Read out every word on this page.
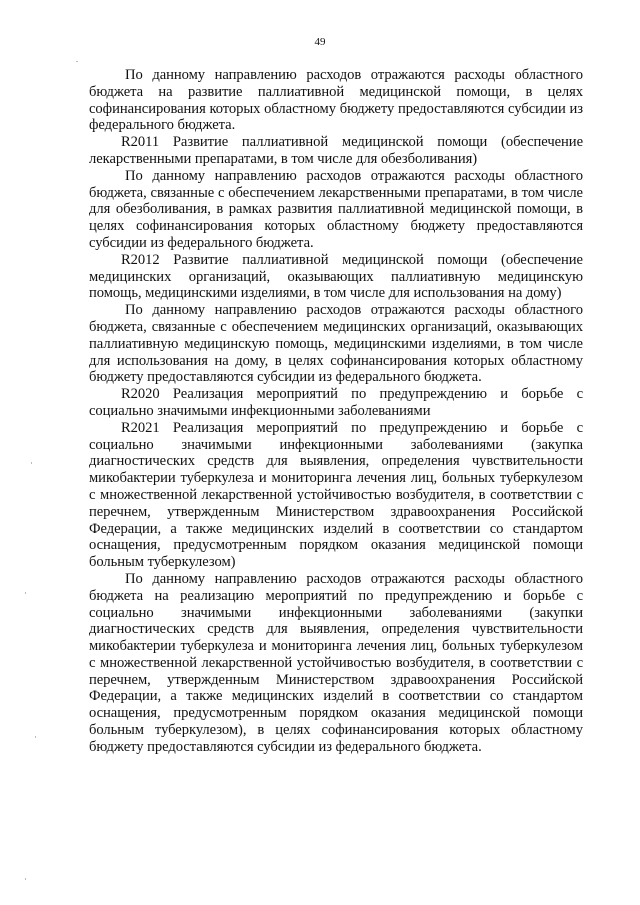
49

По данному направлению расходов отражаются расходы областного бюджета на развитие паллиативной медицинской помощи, в целях софинансирования которых областному бюджету предоставляются субсидии из федерального бюджета.

R2011 Развитие паллиативной медицинской помощи (обеспечение лекарственными препаратами, в том числе для обезболивания)

По данному направлению расходов отражаются расходы областного бюджета, связанные с обеспечением лекарственными препаратами, в том числе для обезболивания, в рамках развития паллиативной медицинской помощи, в целях софинансирования которых областному бюджету предоставляются субсидии из федерального бюджета.

R2012 Развитие паллиативной медицинской помощи (обеспечение медицинских организаций, оказывающих паллиативную медицинскую помощь, медицинскими изделиями, в том числе для использования на дому)

По данному направлению расходов отражаются расходы областного бюджета, связанные с обеспечением медицинских организаций, оказывающих паллиативную медицинскую помощь, медицинскими изделиями, в том числе для использования на дому, в целях софинансирования которых областному бюджету предоставляются субсидии из федерального бюджета.

R2020 Реализация мероприятий по предупреждению и борьбе с социально значимыми инфекционными заболеваниями

R2021 Реализация мероприятий по предупреждению и борьбе с социально значимыми инфекционными заболеваниями (закупка диагностических средств для выявления, определения чувствительности микобактерии туберкулеза и мониторинга лечения лиц, больных туберкулезом с множественной лекарственной устойчивостью возбудителя, в соответствии с перечнем, утвержденным Министерством здравоохранения Российской Федерации, а также медицинских изделий в соответствии со стандартом оснащения, предусмотренным порядком оказания медицинской помощи больным туберкулезом)

По данному направлению расходов отражаются расходы областного бюджета на реализацию мероприятий по предупреждению и борьбе с социально значимыми инфекционными заболеваниями (закупки диагностических средств для выявления, определения чувствительности микобактерии туберкулеза и мониторинга лечения лиц, больных туберкулезом с множественной лекарственной устойчивостью возбудителя, в соответствии с перечнем, утвержденным Министерством здравоохранения Российской Федерации, а также медицинских изделий в соответствии со стандартом оснащения, предусмотренным порядком оказания медицинской помощи больным туберкулезом), в целях софинансирования которых областному бюджету предоставляются субсидии из федерального бюджета.
